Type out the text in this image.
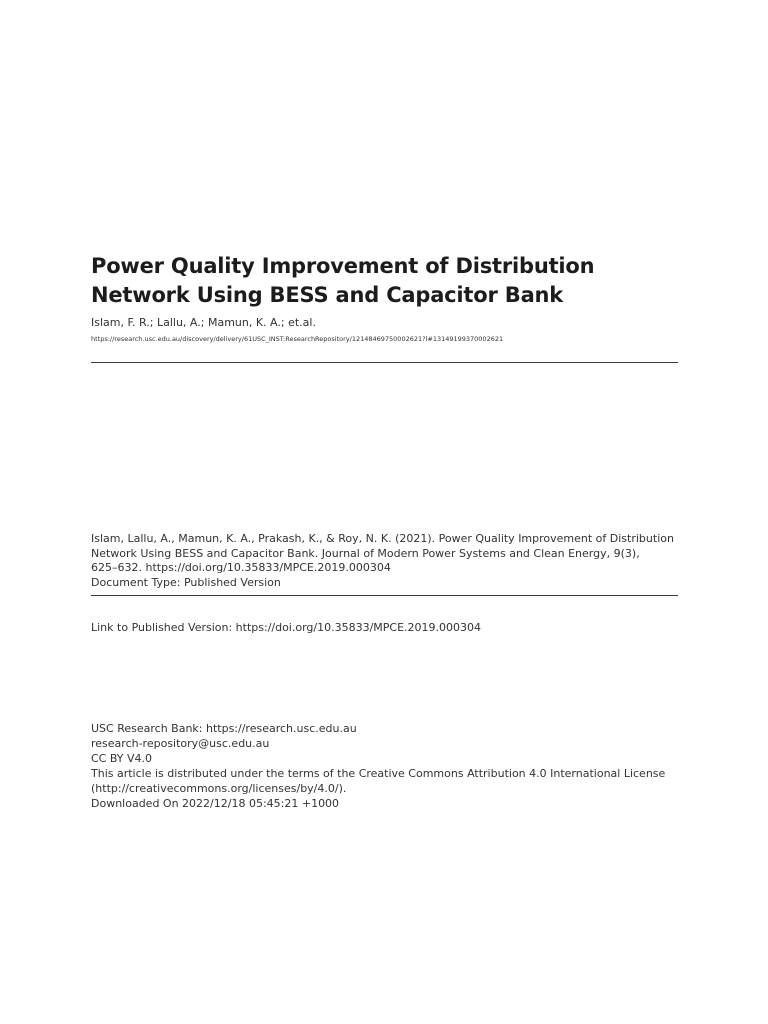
Power Quality Improvement of Distribution
Network Using BESS and Capacitor Bank
Islam, F. R.; Lallu, A.; Mamun, K. A.; et.al.
https://research.usc.edu.au/discovery/delivery/61USC_INST:ResearchRepository/12148469750002621?l#13149199370002621
Islam, Lallu, A., Mamun, K. A., Prakash, K., & Roy, N. K. (2021). Power Quality Improvement of Distribution
Network Using BESS and Capacitor Bank. Journal of Modern Power Systems and Clean Energy, 9(3),
625–632. https://doi.org/10.35833/MPCE.2019.000304
Document Type: Published Version
Link to Published Version: https://doi.org/10.35833/MPCE.2019.000304
USC Research Bank: https://research.usc.edu.au
research-repository@usc.edu.au
CC BY V4.0
This article is distributed under the terms of the Creative Commons Attribution 4.0 International License
(http://creativecommons.org/licenses/by/4.0/).
Downloaded On 2022/12/18 05:45:21 +1000
